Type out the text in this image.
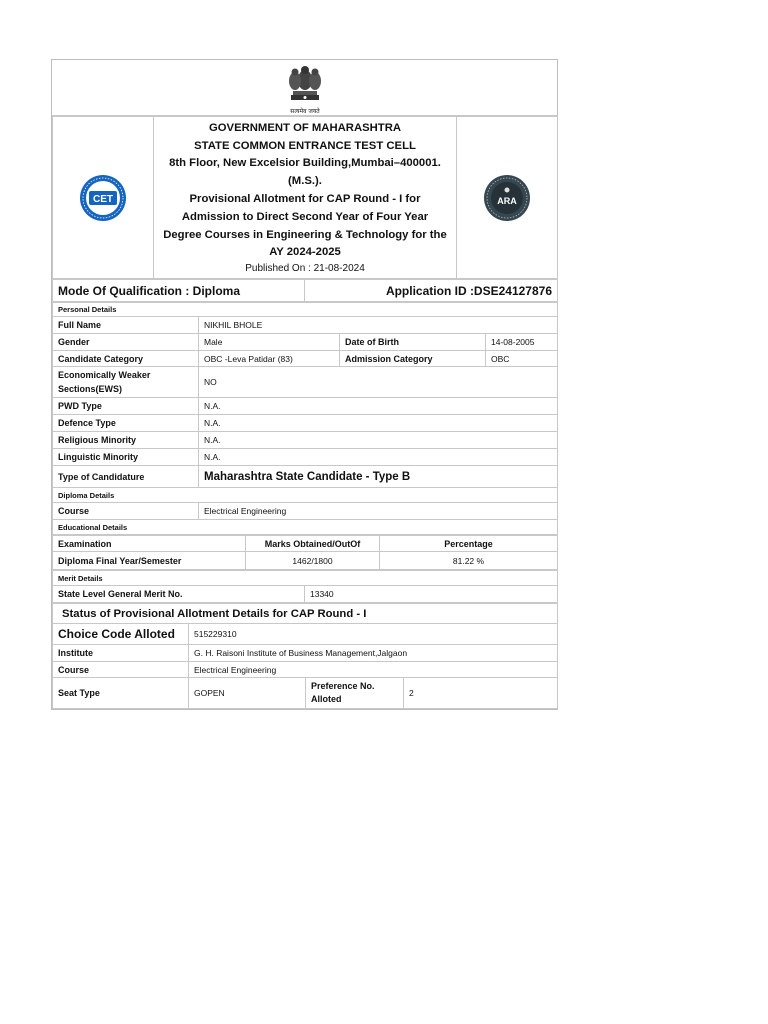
सत्यमेव जयते
CET

GOVERNMENT OF MAHARASHTRA
STATE COMMON ENTRANCE TEST CELL
8th Floor, New Excelsior Building,Mumbai–400001.
(M.S.).
Provisional Allotment for CAP Round - I for
Admission to Direct Second Year of Four Year
Degree Courses in Engineering & Technology for the
AY 2024-2025
Published On : 21-08-2024

ARA
Mode Of Qualification : Diploma	Application ID :DSE24127876
Personal Details			
Full Name	NIKHIL BHOLE		
Gender	Male	Date of Birth	14-08-2005
Candidate Category	OBC -Leva Patidar (83)	Admission Category	OBC
Economically Weaker Sections(EWS)	NO		
PWD Type	N.A.		
Defence Type	N.A.		
Religious Minority	N.A.		
Linguistic Minority	N.A.		
Type of Candidature	Maharashtra State Candidate - Type B		
Diploma Details			
Course	Electrical Engineering		
Educational Details			
Examination	Marks Obtained/OutOf	Percentage
Diploma Final Year/Semester	1462/1800	81.22 %
Merit Details
State Level General Merit No.	13340
Status of Provisional Allotment Details for CAP Round - I			
Choice Code Alloted	515229310		
Institute	G. H. Raisoni Institute of Business Management,Jalgaon		
Course	Electrical Engineering		
Seat Type	GOPEN	Preference No. Alloted	2
